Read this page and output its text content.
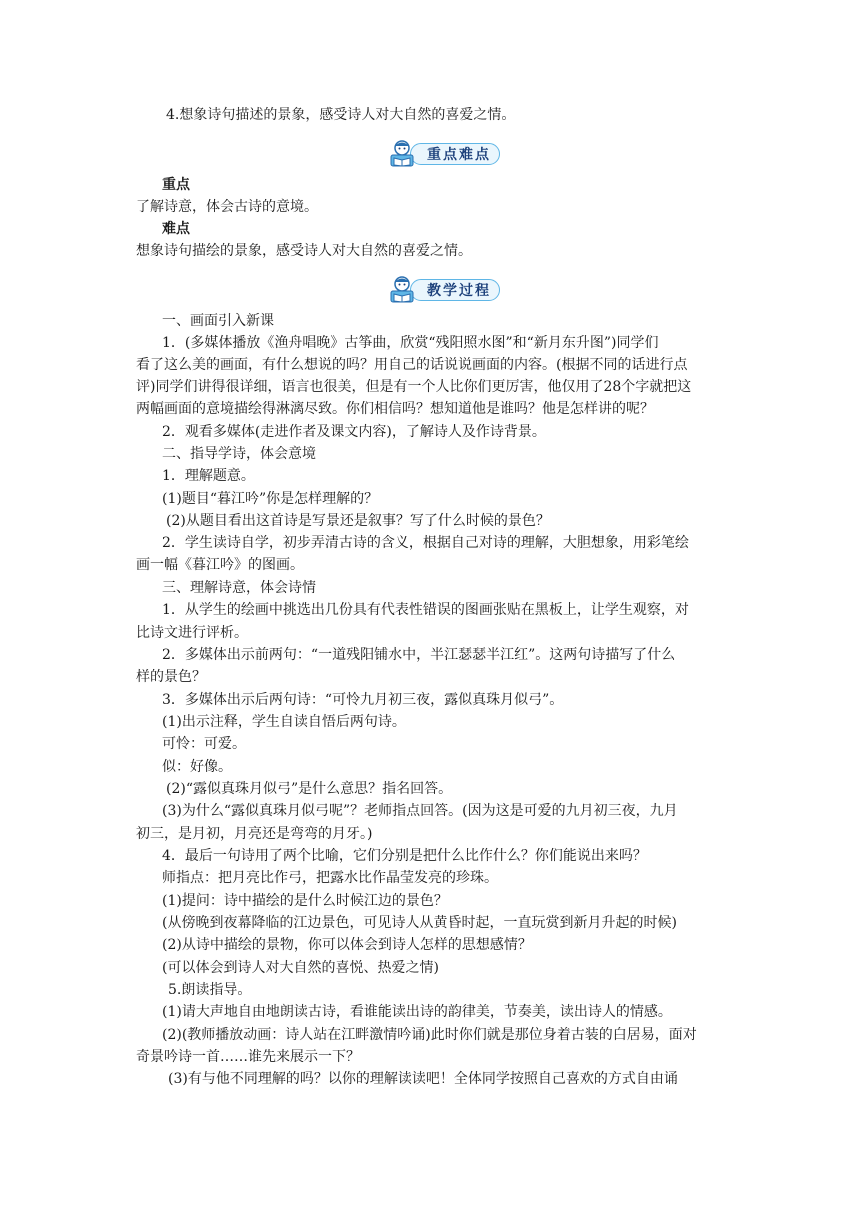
4.想象诗句描述的景象，感受诗人对大自然的喜爱之情。
重点难点
重点
了解诗意，体会古诗的意境。
难点
想象诗句描绘的景象，感受诗人对大自然的喜爱之情。
教学过程
一、画面引入新课
1．(多媒体播放《渔舟唱晚》古筝曲，欣赏“残阳照水图”和“新月东升图”)同学们
看了这么美的画面，有什么想说的吗？用自己的话说说画面的内容。(根据不同的话进行点
评)同学们讲得很详细，语言也很美，但是有一个人比你们更厉害，他仅用了28个字就把这
两幅画面的意境描绘得淋漓尽致。你们相信吗？想知道他是谁吗？他是怎样讲的呢？
2．观看多媒体(走进作者及课文内容)，了解诗人及作诗背景。
二、指导学诗，体会意境
1．理解题意。
(1)题目“暮江吟”你是怎样理解的？
(2)从题目看出这首诗是写景还是叙事？写了什么时候的景色？
2．学生读诗自学，初步弄清古诗的含义，根据自己对诗的理解，大胆想象，用彩笔绘
画一幅《暮江吟》的图画。
三、理解诗意，体会诗情
1．从学生的绘画中挑选出几份具有代表性错误的图画张贴在黑板上，让学生观察，对
比诗文进行评析。
2．多媒体出示前两句：“一道残阳铺水中，半江瑟瑟半江红”。这两句诗描写了什么
样的景色？
3．多媒体出示后两句诗：“可怜九月初三夜，露似真珠月似弓”。
(1)出示注释，学生自读自悟后两句诗。
可怜：可爱。
似：好像。
(2)“露似真珠月似弓”是什么意思？指名回答。
(3)为什么“露似真珠月似弓呢”？老师指点回答。(因为这是可爱的九月初三夜，九月
初三，是月初，月亮还是弯弯的月牙。)
4．最后一句诗用了两个比喻，它们分别是把什么比作什么？你们能说出来吗？
师指点：把月亮比作弓，把露水比作晶莹发亮的珍珠。
(1)提问：诗中描绘的是什么时候江边的景色？
(从傍晚到夜幕降临的江边景色，可见诗人从黄昏时起，一直玩赏到新月升起的时候)
(2)从诗中描绘的景物，你可以体会到诗人怎样的思想感情？
(可以体会到诗人对大自然的喜悦、热爱之情)
5.朗读指导。
(1)请大声地自由地朗读古诗，看谁能读出诗的韵律美，节奏美，读出诗人的情感。
(2)(教师播放动画：诗人站在江畔激情吟诵)此时你们就是那位身着古装的白居易，面对
奇景吟诗一首……谁先来展示一下？
(3)有与他不同理解的吗？以你的理解读读吧！全体同学按照自己喜欢的方式自由诵
